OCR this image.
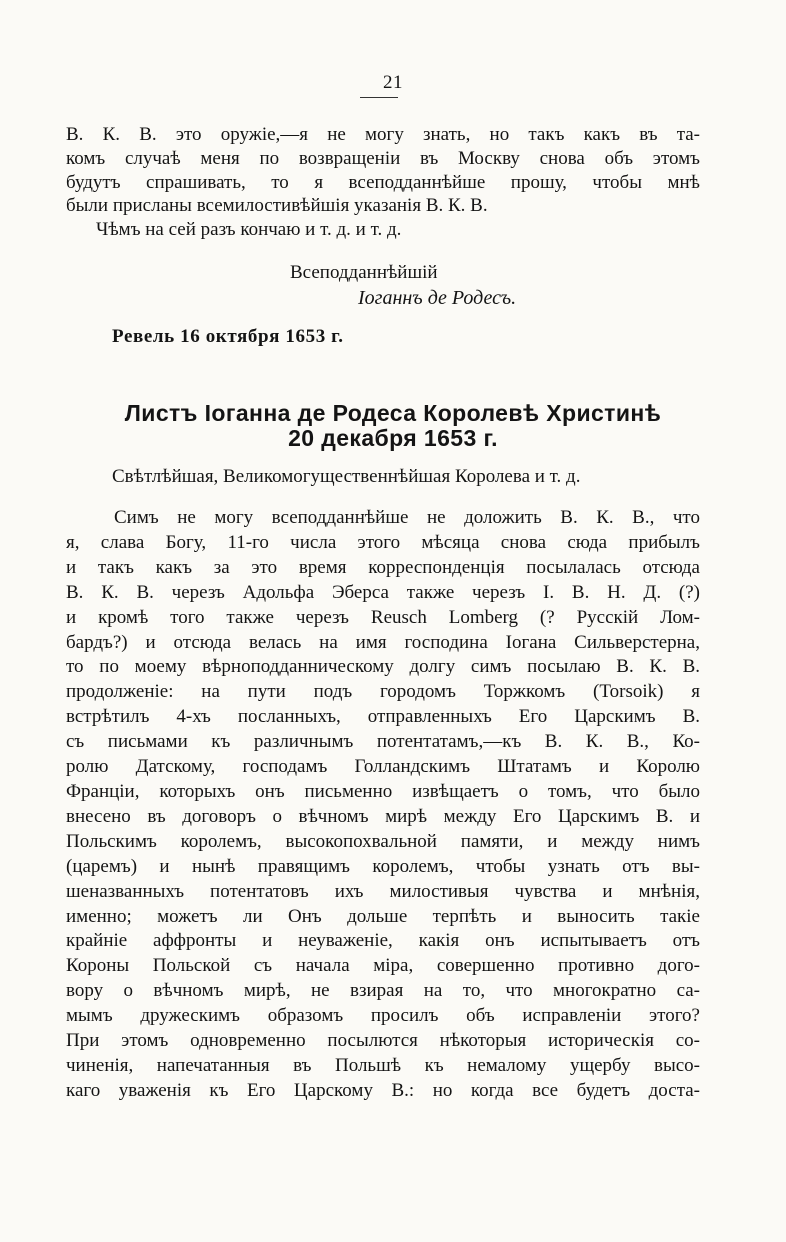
21
В. К. В. это оружіе,—я не могу знать, но такъ какъ въ та-
комъ случаѣ меня по возвращеніи въ Москву снова объ этомъ
будутъ спрашивать, то я всеподданнѣйше прошу, чтобы мнѣ
были присланы всемилостивѣйшія указанія В. К. В.
Чѣмъ на сей разъ кончаю и т. д. и т. д.
Всеподданнѣйшій
Іоганнъ де Родесъ.
Ревель 16 октября 1653 г.
Листъ Іоганна де Родеса Королевѣ Христинѣ
20 декабря 1653 г.
Свѣтлѣйшая, Великомогущественнѣйшая Королева и т. д.
Симъ не могу всеподданнѣйше не доложить В. К. В., что
я, слава Богу, 11-го числа этого мѣсяца снова сюда прибылъ
и такъ какъ за это время корреспонденція посылалась отсюда
В. К. В. черезъ Адольфа Эберса также черезъ І. В. Н. Д. (?)
и кромѣ того также черезъ Reusch Lomberg (? Русскій Лом-
бардъ?) и отсюда велась на имя господина Іогана Сильверстерна,
то по моему вѣрноподданническому долгу симъ посылаю В. К. В.
продолженіе: на пути подъ городомъ Торжкомъ (Torsoik) я
встрѣтилъ 4-хъ посланныхъ, отправленныхъ Его Царскимъ В.
съ письмами къ различнымъ потентатамъ,—къ В. К. В., Ко-
ролю Датскому, господамъ Голландскимъ Штатамъ и Королю
Франціи, которыхъ онъ письменно извѣщаетъ о томъ, что было
внесено въ договоръ о вѣчномъ мирѣ между Его Царскимъ В. и
Польскимъ королемъ, высокопохвальной памяти, и между нимъ
(царемъ) и нынѣ правящимъ королемъ, чтобы узнать отъ вы-
шеназванныхъ потентатовъ ихъ милостивыя чувства и мнѣнія,
именно; можетъ ли Онъ дольше терпѣть и выносить такіе
крайніе аффронты и неуваженіе, какія онъ испытываетъ отъ
Короны Польской съ начала міра, совершенно противно дого-
вору о вѣчномъ мирѣ, не взирая на то, что многократно са-
мымъ дружескимъ образомъ просилъ объ исправленіи этого?
При этомъ одновременно посылются нѣкоторыя историческія со-
чиненія, напечатанныя въ Польшѣ къ немалому ущербу высо-
каго уваженія къ Его Царскому В.: но когда все будетъ доста-
